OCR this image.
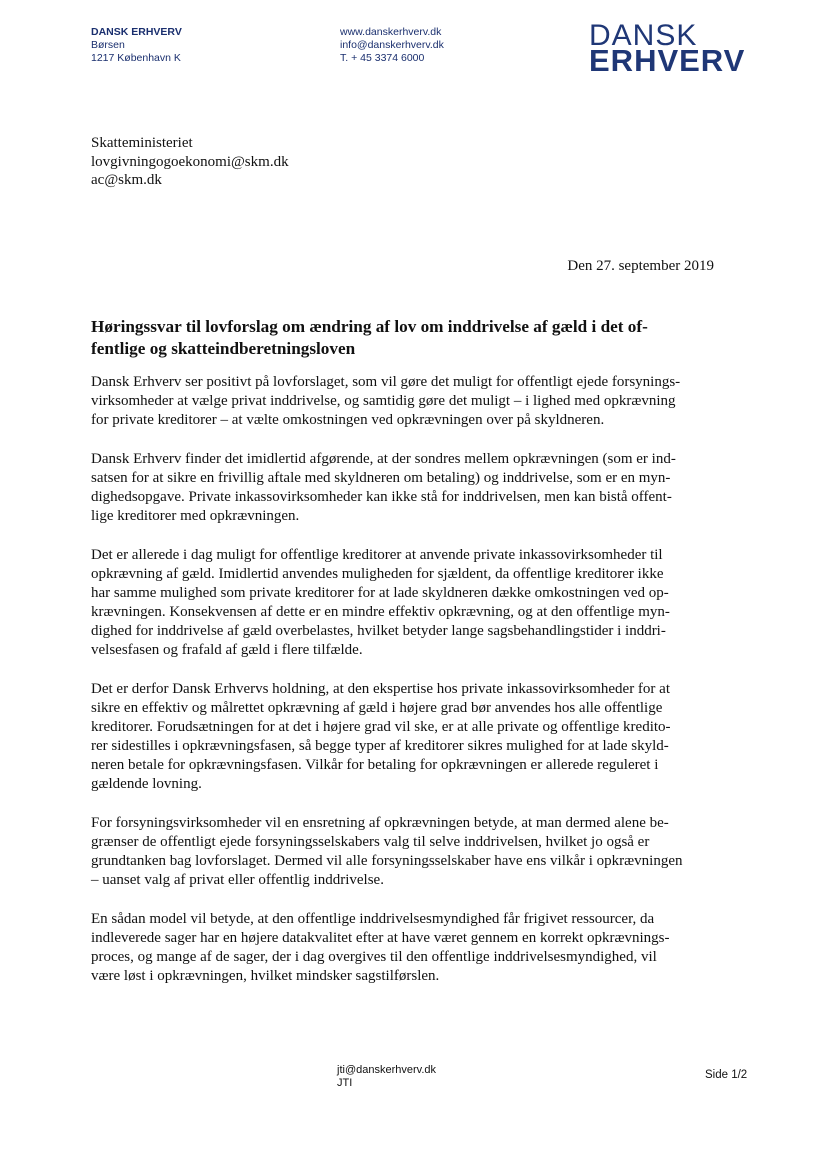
DANSK ERHVERV
Børsen
1217 København K
www.danskerhverv.dk
info@danskerhverv.dk
T. + 45 3374 6000
DANSK
ERHVERV
Skatteministeriet
lovgivningogoekonomi@skm.dk
ac@skm.dk
Den 27. september 2019
Høringssvar til lovforslag om ændring af lov om inddrivelse af gæld i det of-
fentlige og skatteindberetningsloven
Dansk Erhverv ser positivt på lovforslaget, som vil gøre det muligt for offentligt ejede forsynings-
virksomheder at vælge privat inddrivelse, og samtidig gøre det muligt – i lighed med opkrævning
for private kreditorer – at vælte omkostningen ved opkrævningen over på skyldneren.
Dansk Erhverv finder det imidlertid afgørende, at der sondres mellem opkrævningen (som er ind-
satsen for at sikre en frivillig aftale med skyldneren om betaling) og inddrivelse, som er en myn-
dighedsopgave. Private inkassovirksomheder kan ikke stå for inddrivelsen, men kan bistå offent-
lige kreditorer med opkrævningen.
Det er allerede i dag muligt for offentlige kreditorer at anvende private inkassovirksomheder til
opkrævning af gæld. Imidlertid anvendes muligheden for sjældent, da offentlige kreditorer ikke
har samme mulighed som private kreditorer for at lade skyldneren dække omkostningen ved op-
krævningen. Konsekvensen af dette er en mindre effektiv opkrævning, og at den offentlige myn-
dighed for inddrivelse af gæld overbelastes, hvilket betyder lange sagsbehandlingstider i inddri-
velsesfasen og frafald af gæld i flere tilfælde.
Det er derfor Dansk Erhvervs holdning, at den ekspertise hos private inkassovirksomheder for at
sikre en effektiv og målrettet opkrævning af gæld i højere grad bør anvendes hos alle offentlige
kreditorer. Forudsætningen for at det i højere grad vil ske, er at alle private og offentlige kredito-
rer sidestilles i opkrævningsfasen, så begge typer af kreditorer sikres mulighed for at lade skyld-
neren betale for opkrævningsfasen. Vilkår for betaling for opkrævningen er allerede reguleret i
gældende lovning.
For forsyningsvirksomheder vil en ensretning af opkrævningen betyde, at man dermed alene be-
grænser de offentligt ejede forsyningsselskabers valg til selve inddrivelsen, hvilket jo også er
grundtanken bag lovforslaget. Dermed vil alle forsyningsselskaber have ens vilkår i opkrævningen
– uanset valg af privat eller offentlig inddrivelse.
En sådan model vil betyde, at den offentlige inddrivelsesmyndighed får frigivet ressourcer, da
indleverede sager har en højere datakvalitet efter at have været gennem en korrekt opkrævnings-
proces, og mange af de sager, der i dag overgives til den offentlige inddrivelsesmyndighed, vil
være løst i opkrævningen, hvilket mindsker sagstilførslen.
jti@danskerhverv.dk
JTI
Side 1/2
